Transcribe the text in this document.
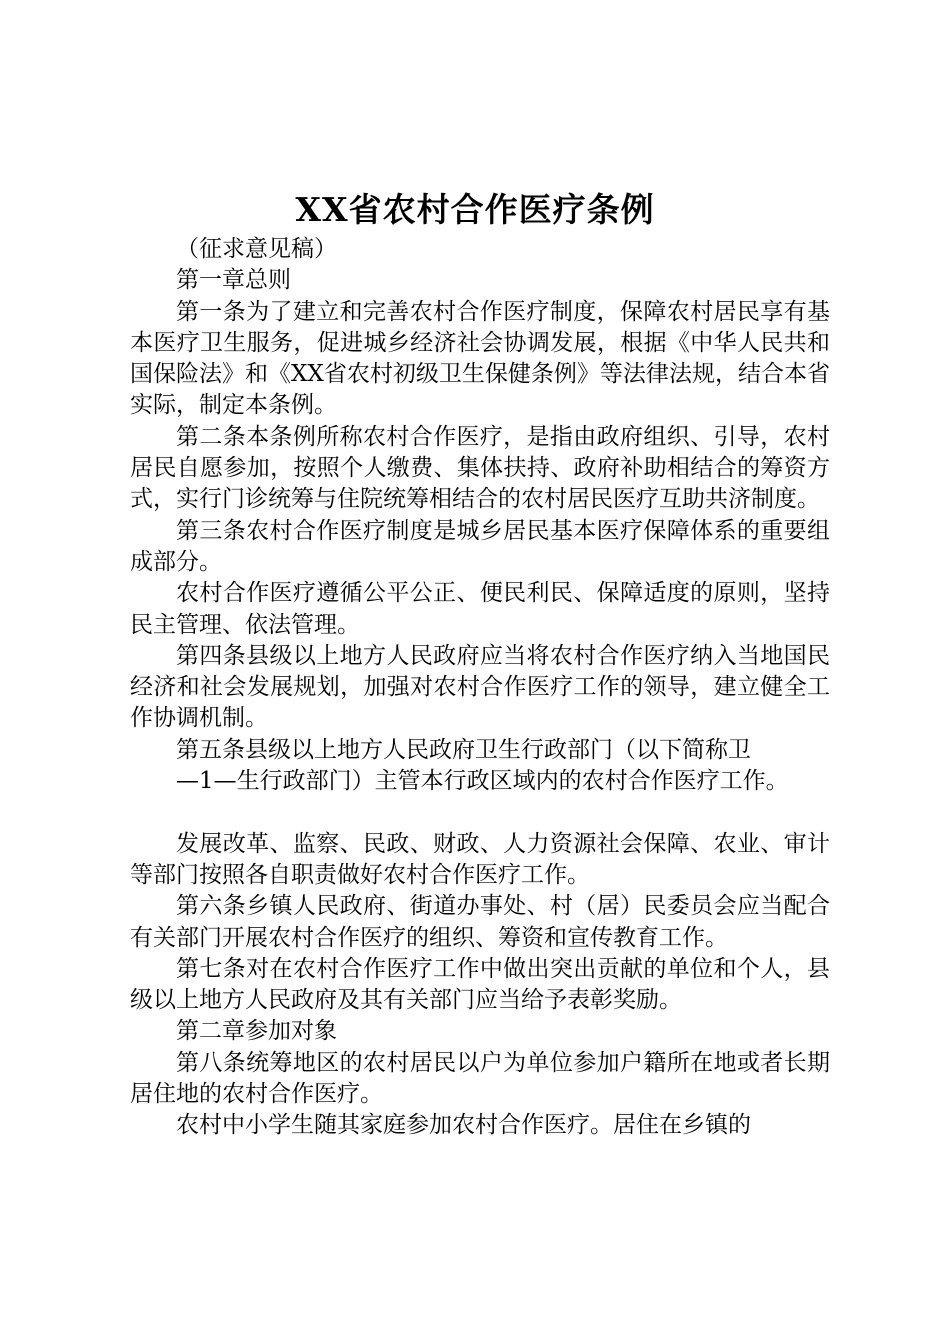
XX省农村合作医疗条例

（征求意见稿）

第一章总则

第一条为了建立和完善农村合作医疗制度，保障农村居民享有基本医疗卫生服务，促进城乡经济社会协调发展，根据《中华人民共和国保险法》和《XX省农村初级卫生保健条例》等法律法规，结合本省实际，制定本条例。

第二条本条例所称农村合作医疗，是指由政府组织、引导，农村居民自愿参加，按照个人缴费、集体扶持、政府补助相结合的筹资方式，实行门诊统筹与住院统筹相结合的农村居民医疗互助共济制度。

第三条农村合作医疗制度是城乡居民基本医疗保障体系的重要组成部分。

农村合作医疗遵循公平公正、便民利民、保障适度的原则，坚持民主管理、依法管理。

第四条县级以上地方人民政府应当将农村合作医疗纳入当地国民经济和社会发展规划，加强对农村合作医疗工作的领导，建立健全工作协调机制。

第五条县级以上地方人民政府卫生行政部门（以下简称卫

—1—生行政部门）主管本行政区域内的农村合作医疗工作。

发展改革、监察、民政、财政、人力资源社会保障、农业、审计等部门按照各自职责做好农村合作医疗工作。

第六条乡镇人民政府、街道办事处、村（居）民委员会应当配合有关部门开展农村合作医疗的组织、筹资和宣传教育工作。

第七条对在农村合作医疗工作中做出突出贡献的单位和个人，县级以上地方人民政府及其有关部门应当给予表彰奖励。

第二章参加对象

第八条统筹地区的农村居民以户为单位参加户籍所在地或者长期居住地的农村合作医疗。

农村中小学生随其家庭参加农村合作医疗。居住在乡镇的
